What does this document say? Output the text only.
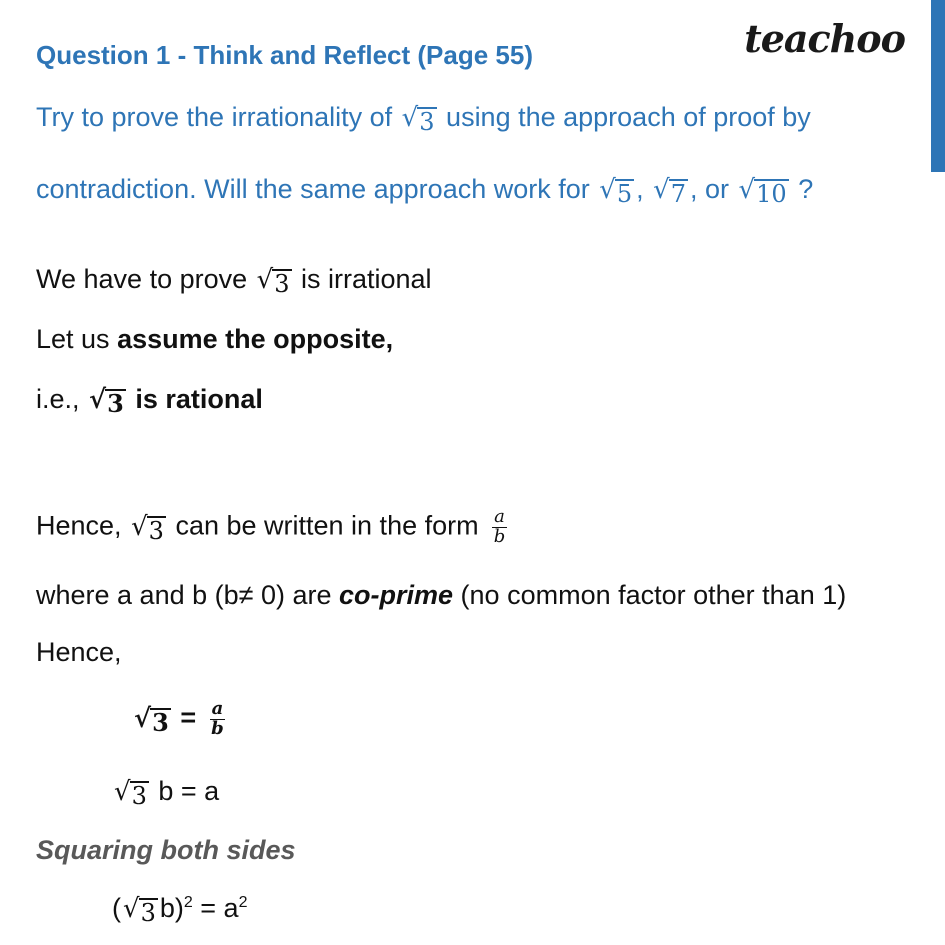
Question 1 - Think and Reflect (Page 55)	teachoo
Try to prove the irrationality of √ 3 using the approach of proof by
contradiction. Will the same approach work for √ 5 , √ 7 , or √ 10 ?
We have to prove √ 3 is irrational
Let us assume the opposite,
i.e., √ 3 is rational
Hence, √ 3 can be written in the form $\frac{a}{b}$
where a and b (b≠ 0) are co-prime (no common factor other than 1)
Hence,
√ $3 = \frac{a}{b}$
√ 3 b = a
Squaring both sides
( √ 3 $b)^2 = a^2$
